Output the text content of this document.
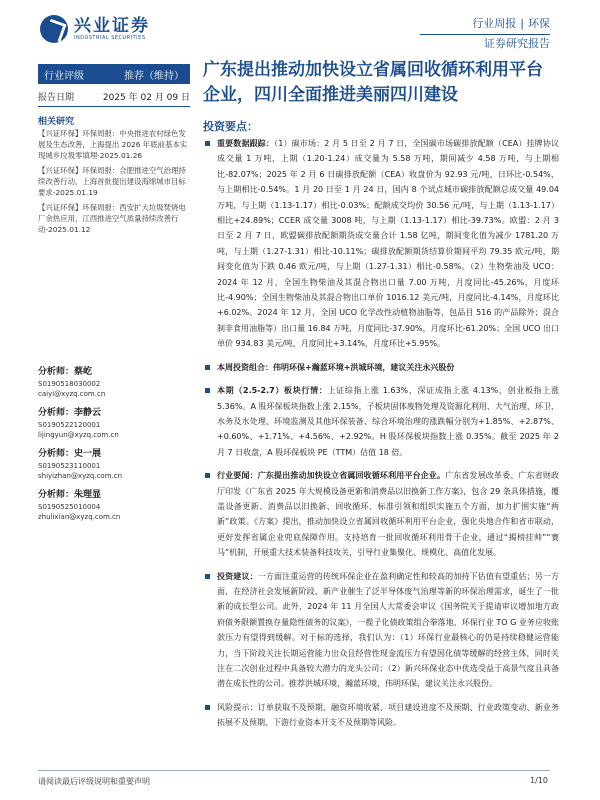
兴业证券
INDUSTRIAL SECURITIES
行业周报 | 环保
证券研究报告
行业评级	推荐（维持）
报告日期	2025 年 02 月 09 日
相关研究
【兴证环保】环保周报：中央推进农村绿色发展及生态改善，上海提出 2026 年底前基本实现城乡垃圾零填埋-2025.01.26
【兴证环保】环保周报：合肥推进空气治理持续改善行动，上海首批提出建设海绵城市目标要求-2025.01.19
【兴证环保】环保周报：西安扩大垃圾焚烧电厂余热应用，江西推进空气质量持续改善行动-2025.01.12
分析师：蔡屹
S0190518030002
caiyi@xyzq.com.cn
分析师：李静云
S0190522120001
lijingyun@xyzq.com.cn
分析师：史一展
S0190523110001
shiyizhan@xyzq.com.cn
分析师：朱理显
S0190525010004
zhulixian@xyzq.com.cn
广东提出推动加快设立省属回收循环利用平台企业，四川全面推进美丽四川建设
投资要点：
重要数据跟踪：（1）碳市场：2 月 5 日至 2 月 7 日，全国碳市场碳排放配额（CEA）挂牌协议成交量 1 万吨，上期（1.20-1.24）成交量为 5.58 万吨，期间减少 4.58 万吨，与上期相比-82.07%；2025 年 2 月 6 日碳排放配额（CEA）收盘价为 92.93 元/吨，日环比-0.54%，与上期相比-0.54%。1 月 20 日至 1 月 24 日，国内 8 个试点城市碳排放配额总成交量 49.04 万吨，与上期（1.13-1.17）相比-0.03%；配额成交均价 30.56 元/吨，与上期（1.13-1.17）相比+24.89%；CCER 成交量 3008 吨，与上期（1.13-1.17）相比-39.73%。欧盟：2 月 3 日至 2 月 7 日，欧盟碳排放配额期货成交量合计 1.58 亿吨，期间变化值为减少 1781.20 万吨，与上期（1.27-1.31）相比-10.11%；碳排放配额期货结算价期间平均 79.35 欧元/吨，期间变化值为下跌 0.46 欧元/吨，与上期（1.27-1.31）相比-0.58%。（2）生物柴油及 UCO：2024 年 12 月，全国生物柴油及其混合物出口量 7.00 万吨，月度同比-45.26%，月度环比-4.90%；全国生物柴油及其混合物出口单价 1016.12 美元/吨，月度同比-4.14%，月度环比+6.02%。2024 年 12 月，全国 UCO 化学改性动植物油脂等，包品目 516 的产品除外；混合制非食用油脂等）出口量 16.84 万吨，月度同比-37.90%，月度环比-61.20%；全国 UCO 出口单价 934.83 美元/吨，月度同比+3.14%，月度环比+5.95%。
本周投资组合：伟明环保+瀚蓝环境+洪城环境，建议关注永兴股份
本期（2.5-2.7）板块行情：上证综指上涨 1.63%，深证成指上涨 4.13%，创业板指上涨 5.36%。A 股环保板块指数上涨 2.15%，子板块固体废物处理及资源化利用、大气治理、环卫、水务及水处理、环境监测及其他环保装备、综合环境治理的涨跌幅分别为+1.85%、+2.87%、+0.60%、+1.71%、+4.56%、+2.92%。H 股环保板块指数上涨 0.35%。截至 2025 年 2 月 7 日收盘，A 股环保板块 PE（TTM）估值 18 倍。
行业要闻：广东提出推动加快设立省属回收循环利用平台企业。广东省发展改革委、广东省财政厅印发《广东省 2025 年大规模设备更新和消费品以旧换新工作方案》，包含 29 条具体措施，覆盖设备更新、消费品以旧换新、回收循环、标准引领和组织实施五个方面，加力扩围实施“两新”政策。《方案》提出，推动加快设立省属回收循环利用平台企业，强化央地合作和省市联动，更好发挥省属企业兜底保障作用。支持培育一批回收循环利用骨干企业，通过“揭榜挂帅”“赛马”机制，开展重大技术装备科技攻关，引导行业集聚化、规模化、高值化发展。
投资建议：一方面注重运营的传统环保企业在盈利确定性和较高的加持下估值有望重估；另一方面，在经济社会发展新阶段，新产业催生了泛半导体废气治理等新的环保治理需求，诞生了一批新的成长型公司。此外，2024 年 11 月全国人大常委会审议《国务院关于提请审议增加地方政府债务限额置换存量隐性债务的议案》，一揽子化债政策组合拳落地，环保行业 TO G 业务应收账款压力有望得到缓解。对于标的选择，我们认为：（1）环保行业最核心的仍是持续稳健运营能力，当下阶段关注长期运营能力出众且经营性现金流压力有望因化债等缓解的经营主体，同时关注在二次创业过程中具备较大潜力的龙头公司；（2）新兴环保业态中优选受益于高景气度且具备潜在成长性的公司。推荐洪城环境，瀚蓝环境，伟明环保，建议关注永兴股份。
风险提示：订单获取不及预期、融资环境收紧、项目建设进度不及预期、行业政策变动、新业务拓展不及预期、下游行业资本开支不及预期等风险。
请阅读最后评级说明和重要声明	1/10
